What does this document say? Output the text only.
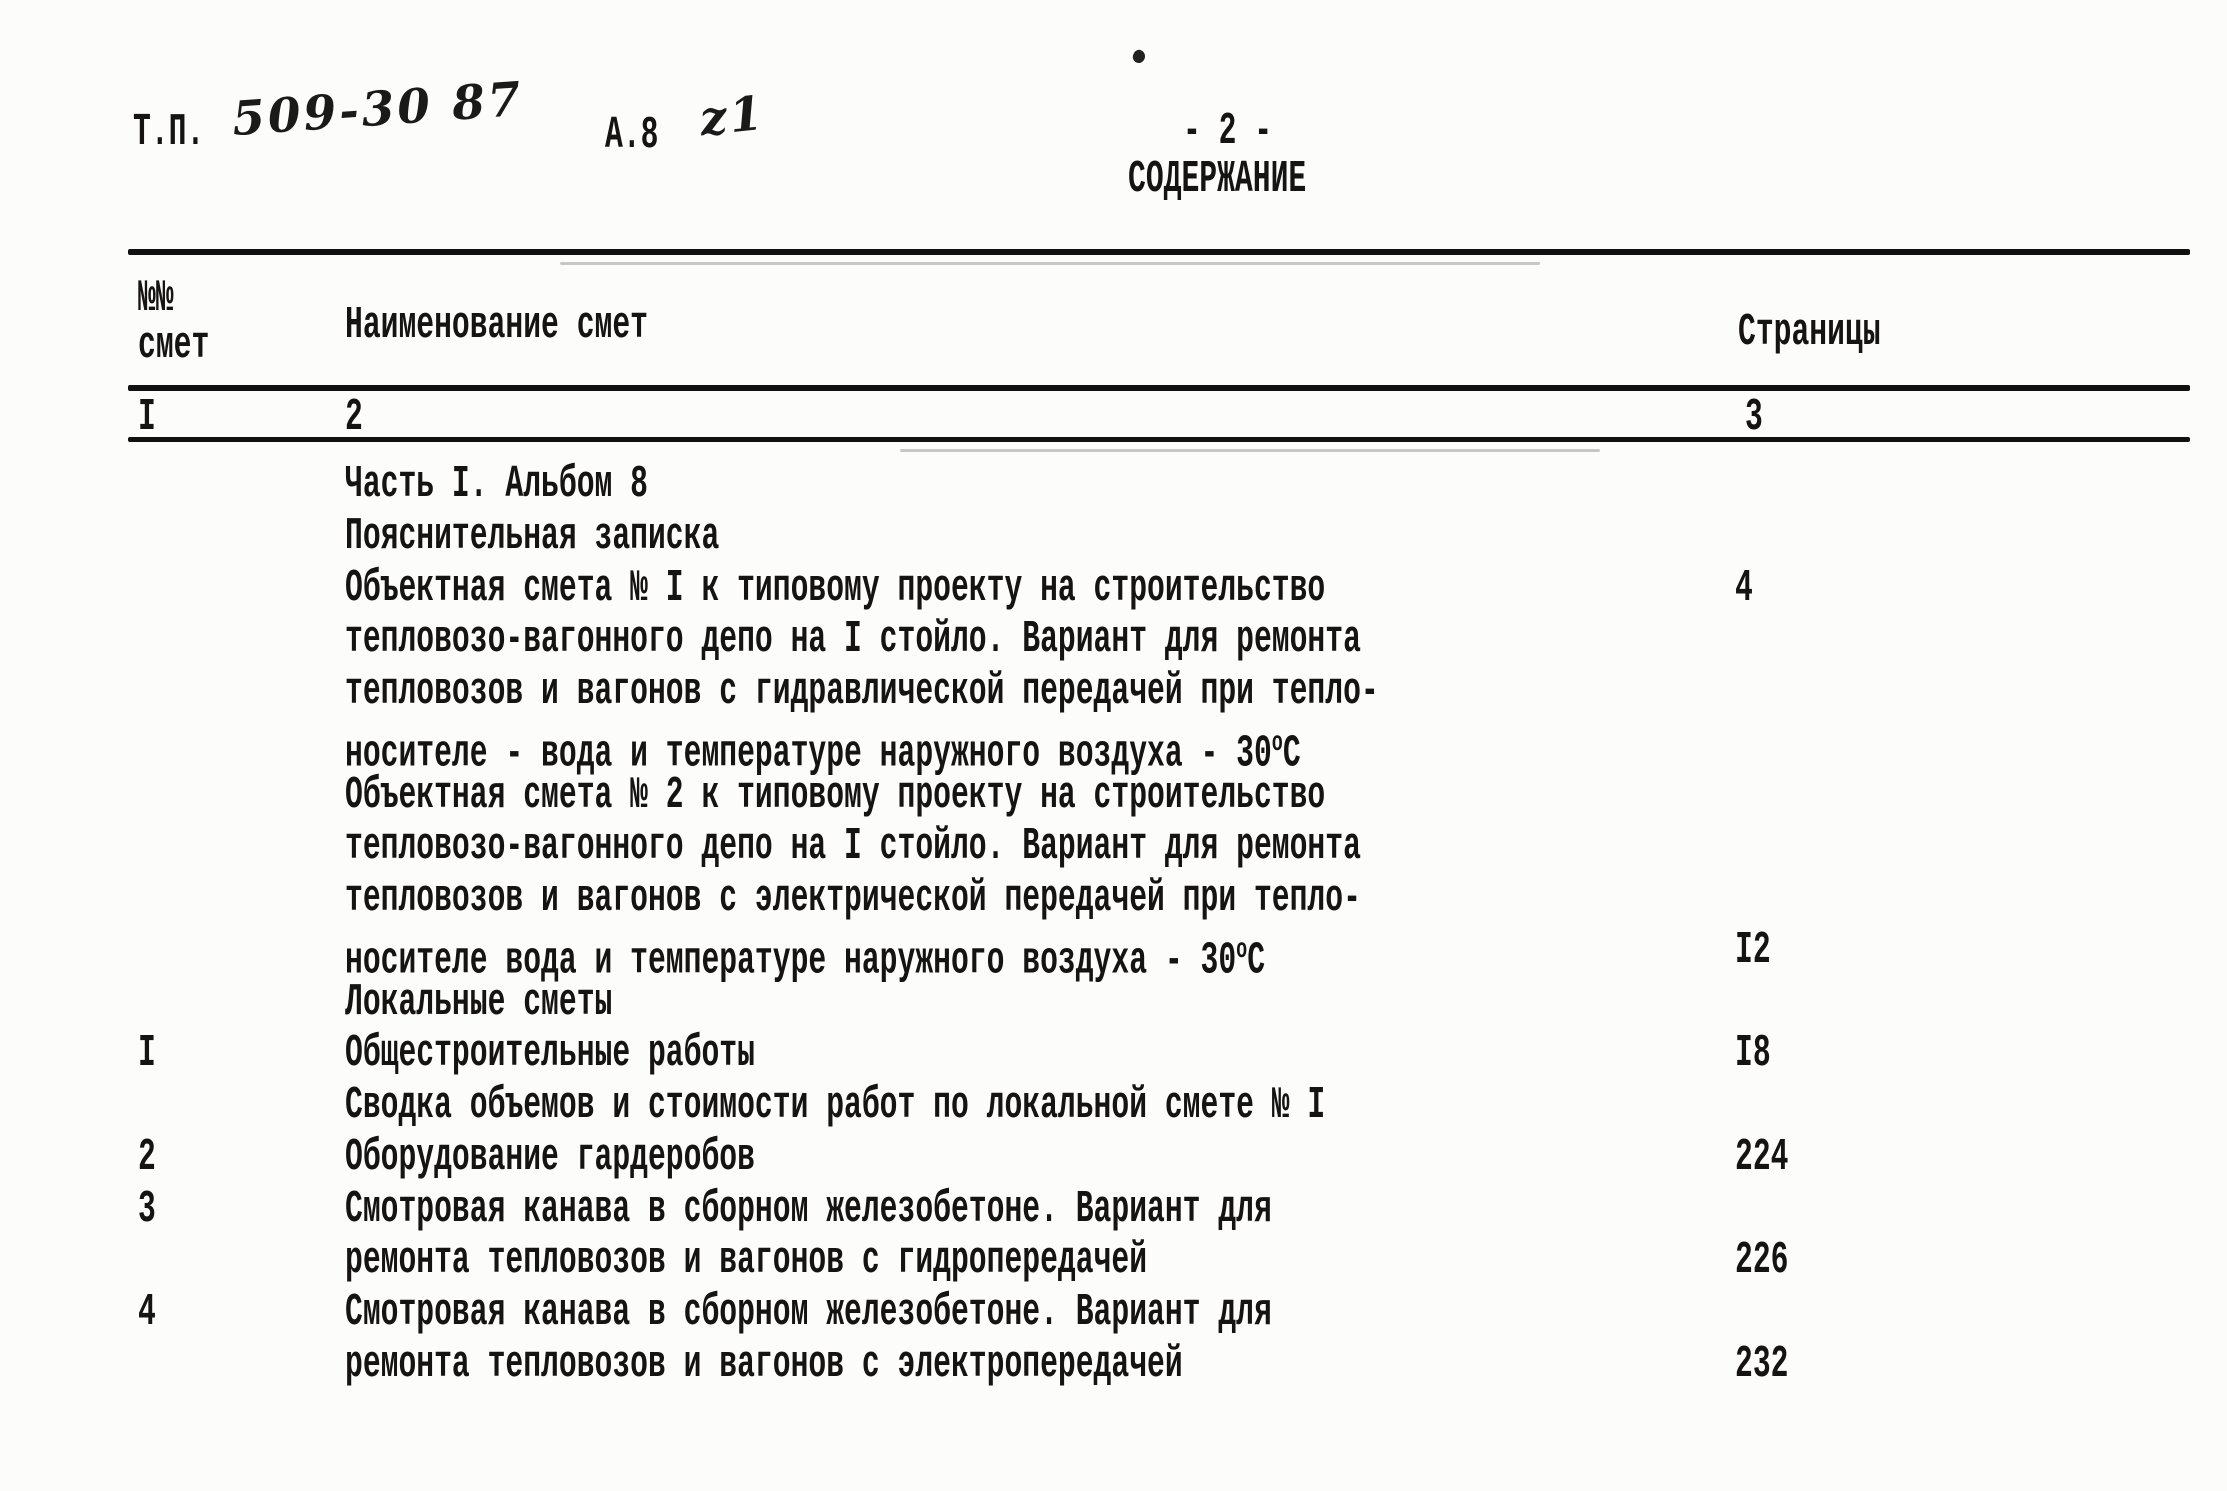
Т.П. 509-30 87 А.8 z1	- 2 -
СОДЕРЖАНИЕ
№№
смет	Наименование смет	Страницы
I	2	3
Часть I. Альбом 8
Пояснительная записка
Объектная смета № I к типовому проекту на строительство	4
тепловозо-вагонного депо на I стойло. Вариант для ремонта
тепловозов и вагонов с гидравлической передачей при тепло-
носителе - вода и температуре наружного воздуха - $30^оС$
Объектная смета № 2 к типовому проекту на строительство
тепловозо-вагонного депо на I стойло. Вариант для ремонта
тепловозов и вагонов с электрической передачей при тепло-
носителе вода и температуре наружного воздуха - $30^оС$	I2
Локальные сметы
I	Общестроительные работы	I8
Сводка объемов и стоимости работ по локальной смете № I
2	Оборудование гардеробов	224
3	Смотровая канава в сборном железобетоне. Вариант для
ремонта тепловозов и вагонов с гидропередачей	226
4	Смотровая канава в сборном железобетоне. Вариант для
ремонта тепловозов и вагонов с электропередачей	232
